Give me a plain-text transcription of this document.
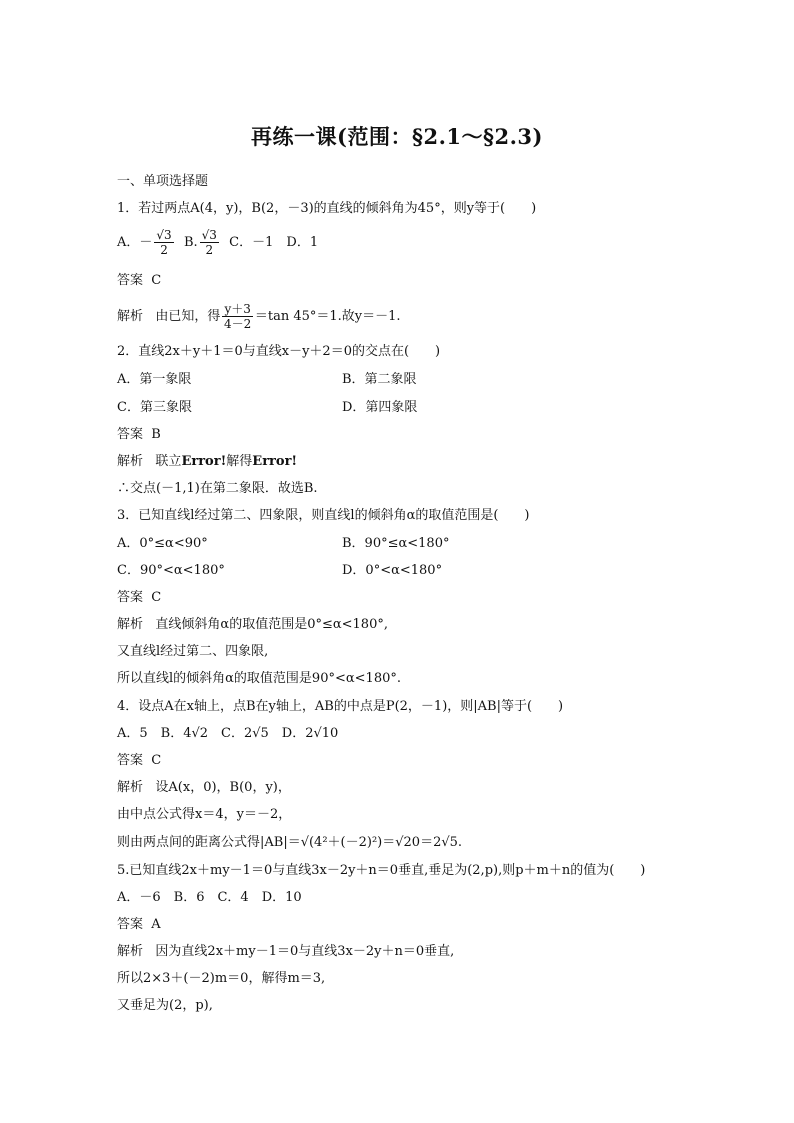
再练一课(范围：§2.1～§2.3)
一、单项选择题
1．若过两点A(4，y)，B(2，－3)的直线的倾斜角为45°，则y等于(　　)
A．－ $\frac{√3}{2} B$. $\frac{√3}{2}$ C．－1　D．1
答案 C
解析 由已知，得 $\frac{y+3}{4-2} =\tan$ 45°＝1.故y＝－1.
2．直线2x＋y＋1＝0与直线x－y＋2＝0的交点在(　　)
A．第一象限	B．第二象限
C．第三象限	D．第四象限
答案 B
解析 联立Error!解得Error!
∴交点(－1,1)在第二象限．故选B.
3．已知直线l经过第二、四象限，则直线l的倾斜角α的取值范围是(　　)
A．0°≤α<90°	B．90°≤α<180°
C．90°<α<180°	D．0°<α<180°
答案 C
解析 直线倾斜角α的取值范围是0°≤α<180°,
又直线l经过第二、四象限,
所以直线l的倾斜角α的取值范围是90°<α<180°.
4．设点A在x轴上，点B在y轴上，AB的中点是P(2，－1)，则|AB|等于(　　)
A．5　B．4√2　C．2√5　D．2√10
答案 C
解析 设A(x，0)，B(0，y)，
由中点公式得x＝4，y＝－2，
则由两点间的距离公式得|AB|＝√(4²＋(－2)²)＝√20＝2√5.
5.已知直线2x＋my－1＝0与直线3x－2y＋n＝0垂直,垂足为(2,p),则p＋m＋n的值为(　　)
A．－6　B．6　C．4　D．10
答案 A
解析 因为直线2x＋my－1＝0与直线3x－2y＋n＝0垂直,
所以2×3＋(－2)m＝0，解得m＝3,
又垂足为(2，p),
